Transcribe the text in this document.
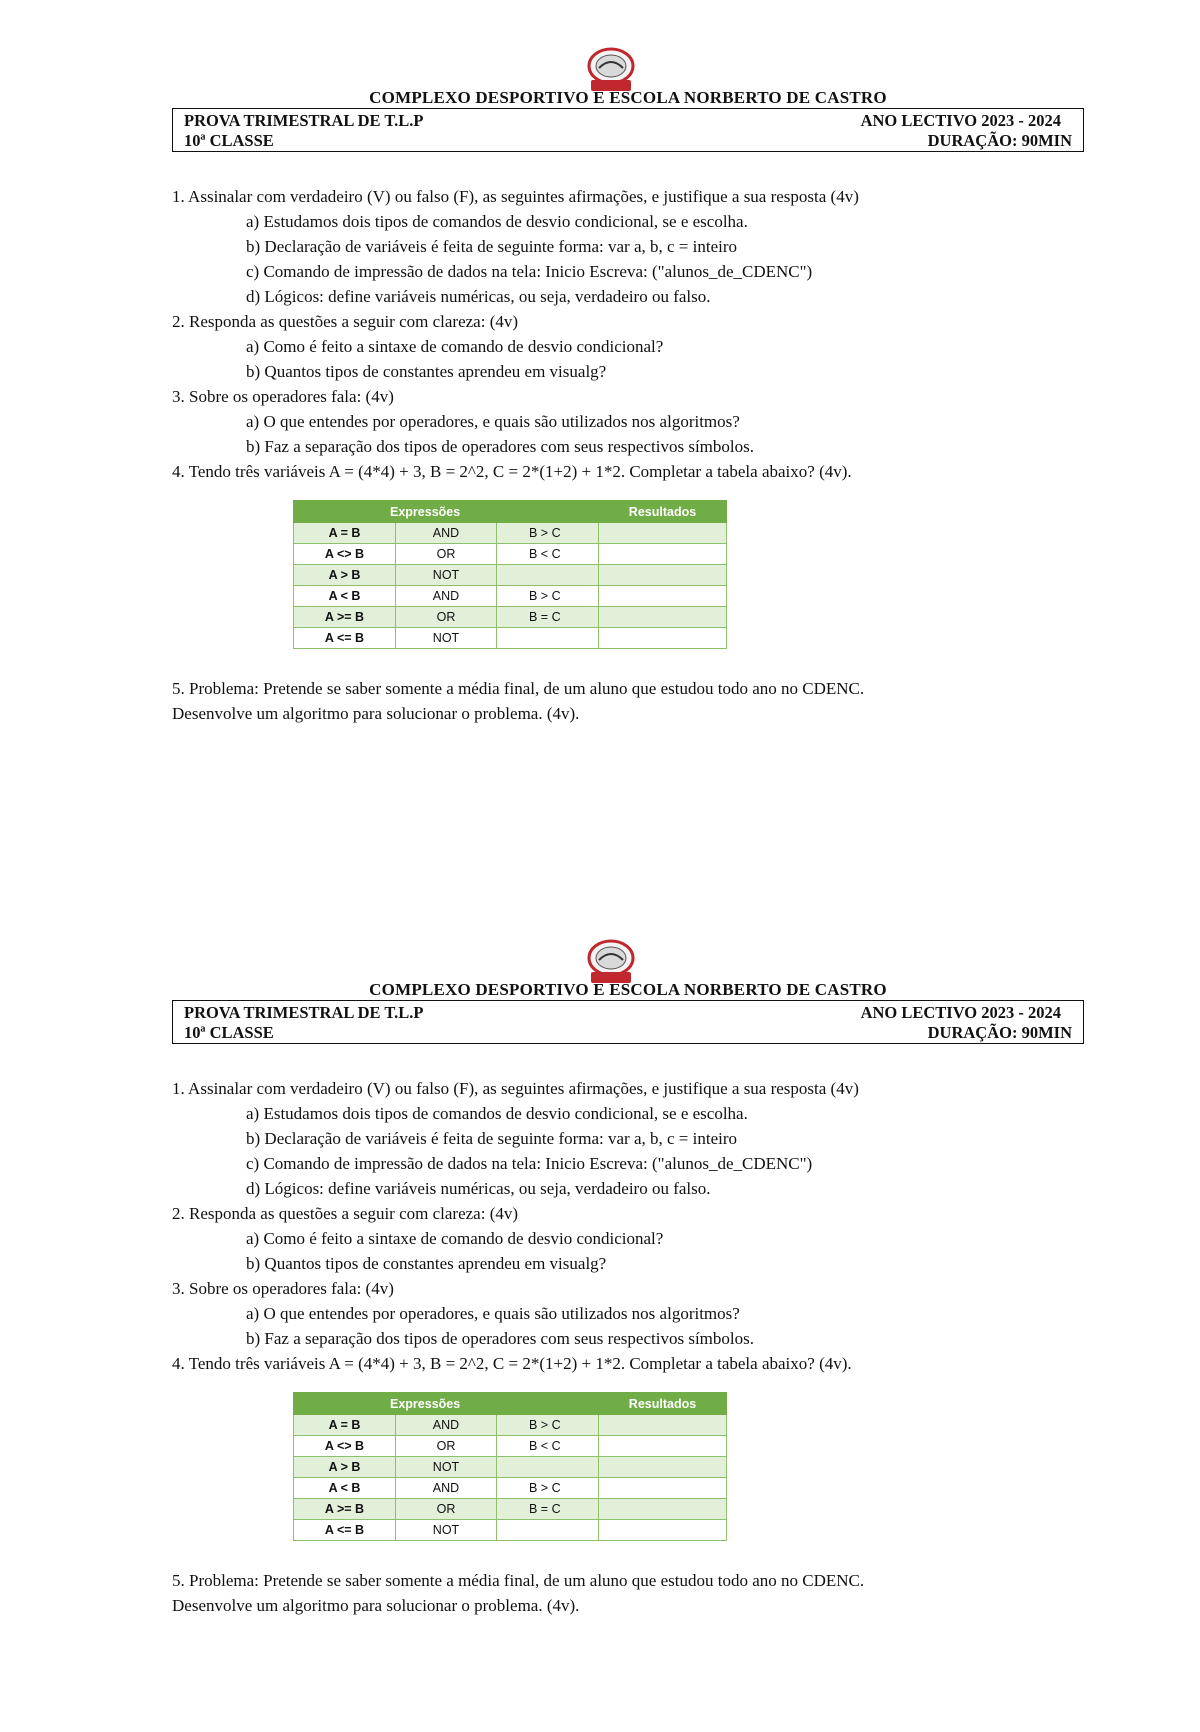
COMPLEXO DESPORTIVO E ESCOLA NORBERTO DE CASTRO
PROVA TRIMESTRAL DE T.L.P	ANO LECTIVO 2023 - 2024
10ª CLASSE	DURAÇÃO: 90MIN
1. Assinalar com verdadeiro (V) ou falso (F), as seguintes afirmações, e justifique a sua resposta (4v)
a) Estudamos dois tipos de comandos de desvio condicional, se e escolha.
b) Declaração de variáveis é feita de seguinte forma: var a, b, c = inteiro
c) Comando de impressão de dados na tela: Inicio Escreva: ("alunos_de_CDENC")
d) Lógicos: define variáveis numéricas, ou seja, verdadeiro ou falso.
2. Responda as questões a seguir com clareza: (4v)
a) Como é feito a sintaxe de comando de desvio condicional?
b) Quantos tipos de constantes aprendeu em visualg?
3. Sobre os operadores fala: (4v)
a) O que entendes por operadores, e quais são utilizados nos algoritmos?
b) Faz a separação dos tipos de operadores com seus respectivos símbolos.
4. Tendo três variáveis A = (4*4) + 3, B = 2^2, C = 2*(1+2) + 1*2. Completar a tabela abaixo? (4v).
Expressões			Resultados
A = B	AND	B > C	
A <> B	OR	B < C	
A > B	NOT		
A < B	AND	B > C	
A >= B	OR	B = C	
A <= B	NOT		
5. Problema: Pretende se saber somente a média final, de um aluno que estudou todo ano no CDENC.
Desenvolve um algoritmo para solucionar o problema. (4v).
COMPLEXO DESPORTIVO E ESCOLA NORBERTO DE CASTRO
PROVA TRIMESTRAL DE T.L.P	ANO LECTIVO 2023 - 2024
10ª CLASSE	DURAÇÃO: 90MIN
1. Assinalar com verdadeiro (V) ou falso (F), as seguintes afirmações, e justifique a sua resposta (4v)
a) Estudamos dois tipos de comandos de desvio condicional, se e escolha.
b) Declaração de variáveis é feita de seguinte forma: var a, b, c = inteiro
c) Comando de impressão de dados na tela: Inicio Escreva: ("alunos_de_CDENC")
d) Lógicos: define variáveis numéricas, ou seja, verdadeiro ou falso.
2. Responda as questões a seguir com clareza: (4v)
a) Como é feito a sintaxe de comando de desvio condicional?
b) Quantos tipos de constantes aprendeu em visualg?
3. Sobre os operadores fala: (4v)
a) O que entendes por operadores, e quais são utilizados nos algoritmos?
b) Faz a separação dos tipos de operadores com seus respectivos símbolos.
4. Tendo três variáveis A = (4*4) + 3, B = 2^2, C = 2*(1+2) + 1*2. Completar a tabela abaixo? (4v).
Expressões			Resultados
A = B	AND	B > C	
A <> B	OR	B < C	
A > B	NOT		
A < B	AND	B > C	
A >= B	OR	B = C	
A <= B	NOT		
5. Problema: Pretende se saber somente a média final, de um aluno que estudou todo ano no CDENC.
Desenvolve um algoritmo para solucionar o problema. (4v).
